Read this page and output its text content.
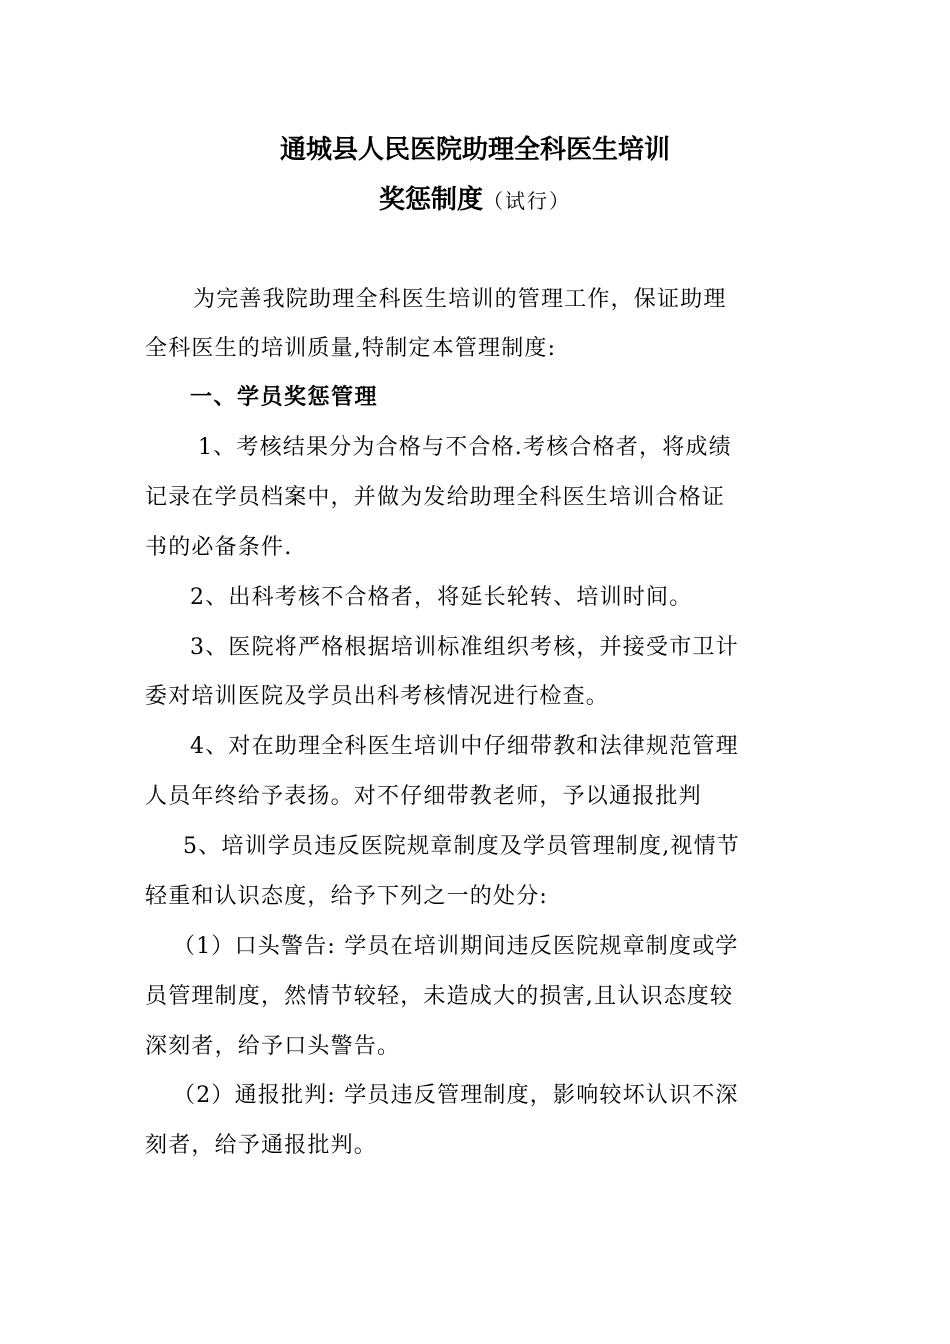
通城县人民医院助理全科医生培训
奖惩制度（试行）
为完善我院助理全科医生培训的管理工作，保证助理
全科医生的培训质量,特制定本管理制度:
一、学员奖惩管理
1、考核结果分为合格与不合格.考核合格者，将成绩
记录在学员档案中，并做为发给助理全科医生培训合格证
书的必备条件.
2、出科考核不合格者，将延长轮转、培训时间。
3、医院将严格根据培训标准组织考核，并接受市卫计
委对培训医院及学员出科考核情况进行检查。
4、对在助理全科医生培训中仔细带教和法律规范管理
人员年终给予表扬。对不仔细带教老师，予以通报批判
5、培训学员违反医院规章制度及学员管理制度,视情节
轻重和认识态度，给予下列之一的处分:
（1）口头警告: 学员在培训期间违反医院规章制度或学
员管理制度，然情节较轻，未造成大的损害,且认识态度较
深刻者，给予口头警告。
（2）通报批判: 学员违反管理制度，影响较坏认识不深
刻者，给予通报批判。
